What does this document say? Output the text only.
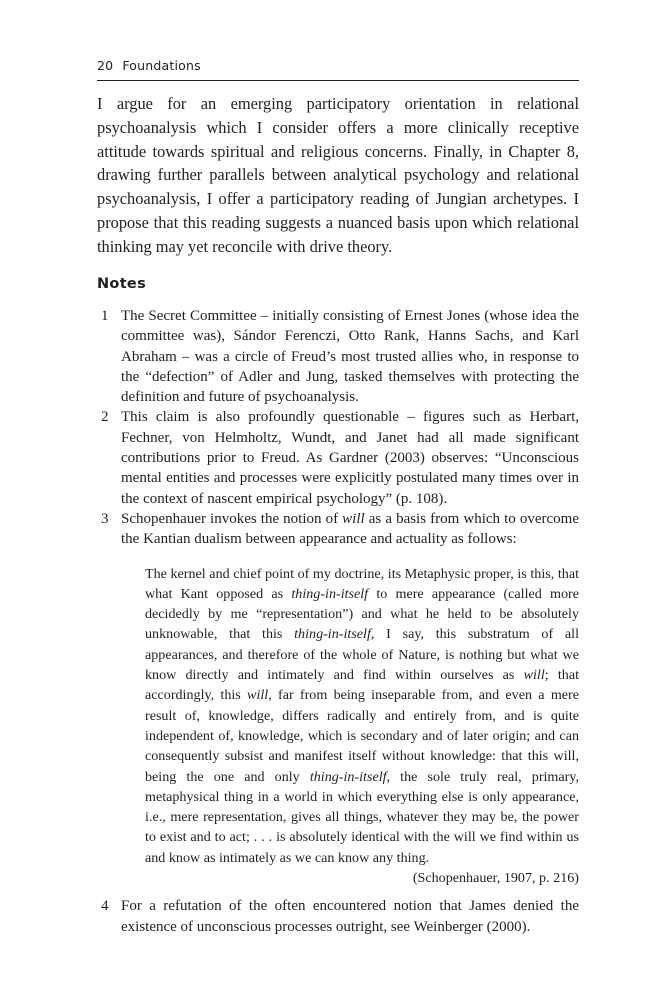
20 Foundations

I argue for an emerging participatory orientation in relational psychoanalysis which I consider offers a more clinically receptive attitude towards spiritual and religious concerns. Finally, in Chapter 8, drawing further parallels between analytical psychology and relational psychoanalysis, I offer a participatory reading of Jungian archetypes. I propose that this reading suggests a nuanced basis upon which relational thinking may yet reconcile with drive theory.

Notes
1 The Secret Committee – initially consisting of Ernest Jones (whose idea the committee was), Sándor Ferenczi, Otto Rank, Hanns Sachs, and Karl Abraham – was a circle of Freud’s most trusted allies who, in response to the “defection” of Adler and Jung, tasked themselves with protecting the definition and future of psychoanalysis.
2 This claim is also profoundly questionable – figures such as Herbart, Fechner, von Helmholtz, Wundt, and Janet had all made significant contributions prior to Freud. As Gardner (2003) observes: “Unconscious mental entities and processes were explicitly postulated many times over in the context of nascent empirical psychology” (p. 108).
3 Schopenhauer invokes the notion of will as a basis from which to overcome the Kantian dualism between appearance and actuality as follows:
The kernel and chief point of my doctrine, its Metaphysic proper, is this, that what Kant opposed as thing-in-itself to mere appearance (called more decidedly by me “representation”) and what he held to be absolutely unknowable, that this thing-in-itself, I say, this substratum of all appearances, and therefore of the whole of Nature, is nothing but what we know directly and intimately and find within ourselves as will; that accordingly, this will, far from being inseparable from, and even a mere result of, knowledge, differs radically and entirely from, and is quite independent of, knowledge, which is secondary and of later origin; and can consequently subsist and manifest itself without knowledge: that this will, being the one and only thing-in-itself, the sole truly real, primary, metaphysical thing in a world in which everything else is only appearance, i.e., mere representation, gives all things, whatever they may be, the power to exist and to act; . . . is absolutely identical with the will we find within us and know as intimately as we can know any thing.
(Schopenhauer, 1907, p. 216)
4 For a refutation of the often encountered notion that James denied the existence of unconscious processes outright, see Weinberger (2000).
